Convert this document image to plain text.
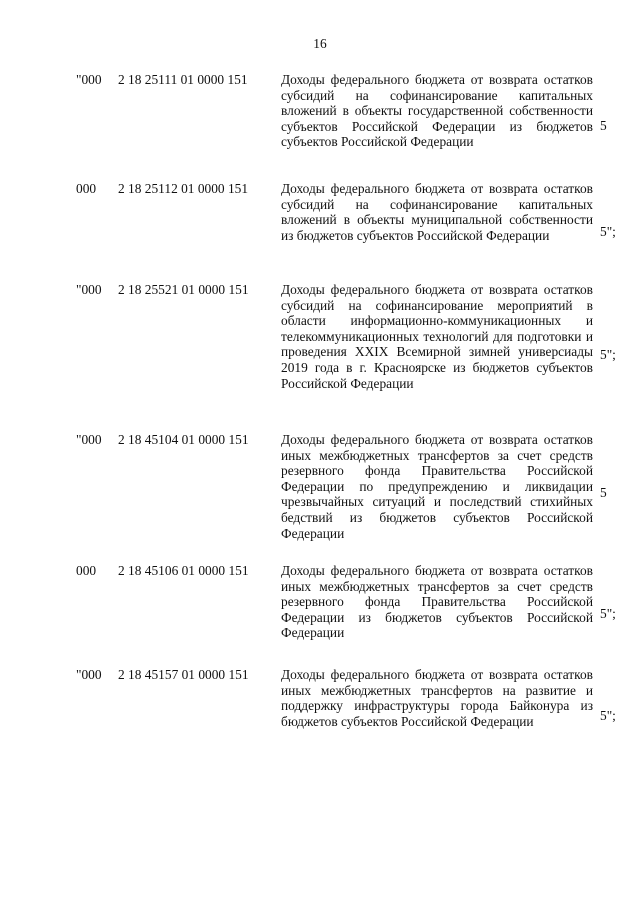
16
"000 2 18 25111 01 0000 151 Доходы федерального бюджета от возврата остатков субсидий на софинансирование капитальных вложений в объекты государственной собственности субъектов Российской Федерации из бюджетов субъектов Российской Федерации
5
000 2 18 25112 01 0000 151 Доходы федерального бюджета от возврата остатков субсидий на софинансирование капитальных вложений в объекты муниципальной собственности из бюджетов субъектов Российской Федерации	5";
"000 2 18 25521 01 0000 151 Доходы федерального бюджета от возврата остатков субсидий на софинансирование мероприятий в области информационно-коммуникационных и телекоммуникационных технологий для подготовки и проведения XXIX Всемирной зимней универсиады 2019 года в г. Красноярске из бюджетов субъектов Российской Федерации
5";
"000 2 18 45104 01 0000 151 Доходы федерального бюджета от возврата остатков иных межбюджетных трансфертов за счет средств резервного фонда Правительства Российской Федерации по предупреждению и ликвидации чрезвычайных ситуаций и последствий стихийных бедствий из бюджетов субъектов Российской Федерации
5
000 2 18 45106 01 0000 151 Доходы федерального бюджета от возврата остатков иных межбюджетных трансфертов за счет средств резервного фонда Правительства Российской Федерации из бюджетов субъектов Российской Федерации
5";
"000 2 18 45157 01 0000 151 Доходы федерального бюджета от возврата остатков иных межбюджетных трансфертов на развитие и поддержку инфраструктуры города Байконура из бюджетов субъектов Российской Федерации	5";
